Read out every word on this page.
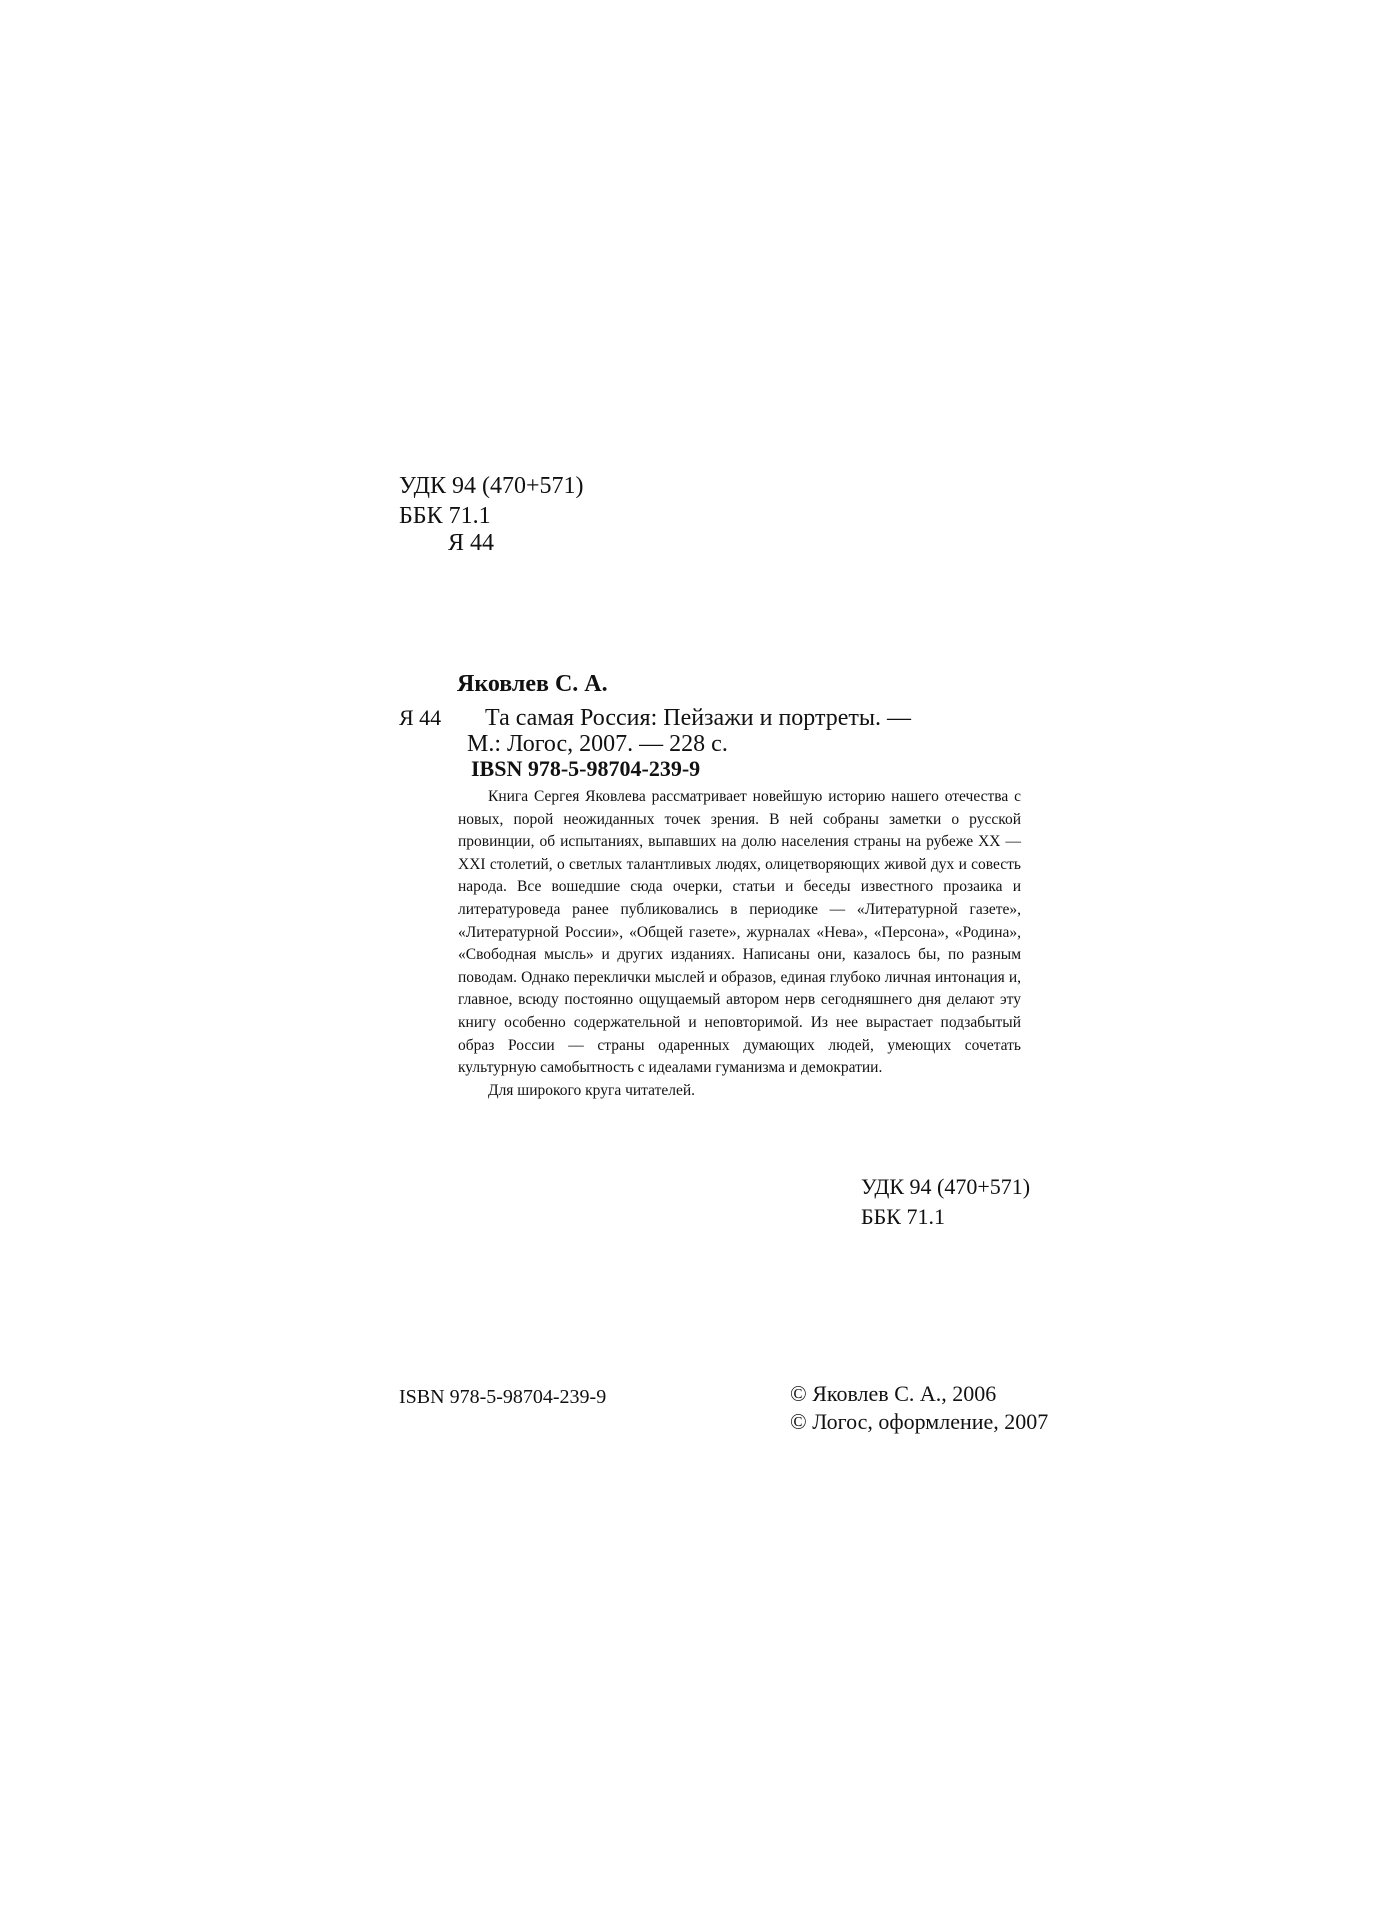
УДК 94 (470+571)
ББК 71.1
Я 44
Яковлев С. А.
Я 44 Та самая Россия: Пейзажи и портреты. —
М.: Логос, 2007. — 228 с.
IBSN 978-5-98704-239-9

Книга Сергея Яковлева рассматривает новейшую историю нашего отечества с новых, порой неожиданных точек зрения. В ней собраны заметки о русской провинции, об испытаниях, выпавших на долю населения страны на рубеже XX — XXI столетий, о светлых талантливых людях, олицетворяющих живой дух и совесть народа. Все вошедшие сюда очерки, статьи и беседы известного прозаика и литературоведа ранее публиковались в периодике — «Литературной газете», «Литературной России», «Общей газете», журналах «Нева», «Персона», «Родина», «Свободная мысль» и других изданиях. Написаны они, казалось бы, по разным поводам. Однако переклички мыслей и образов, единая глубоко личная интонация и, главное, всюду постоянно ощущаемый автором нерв сегодняшнего дня делают эту книгу особенно содержательной и неповторимой. Из нее вырастает подзабытый образ России — страны одаренных думающих людей, умеющих сочетать культурную самобытность с идеалами гуманизма и демократии.

Для широкого круга читателей.

УДК 94 (470+571)
ББК 71.1
ISBN 978-5-98704-239-9	© Яковлев С. А., 2006
© Логос, оформление, 2007
